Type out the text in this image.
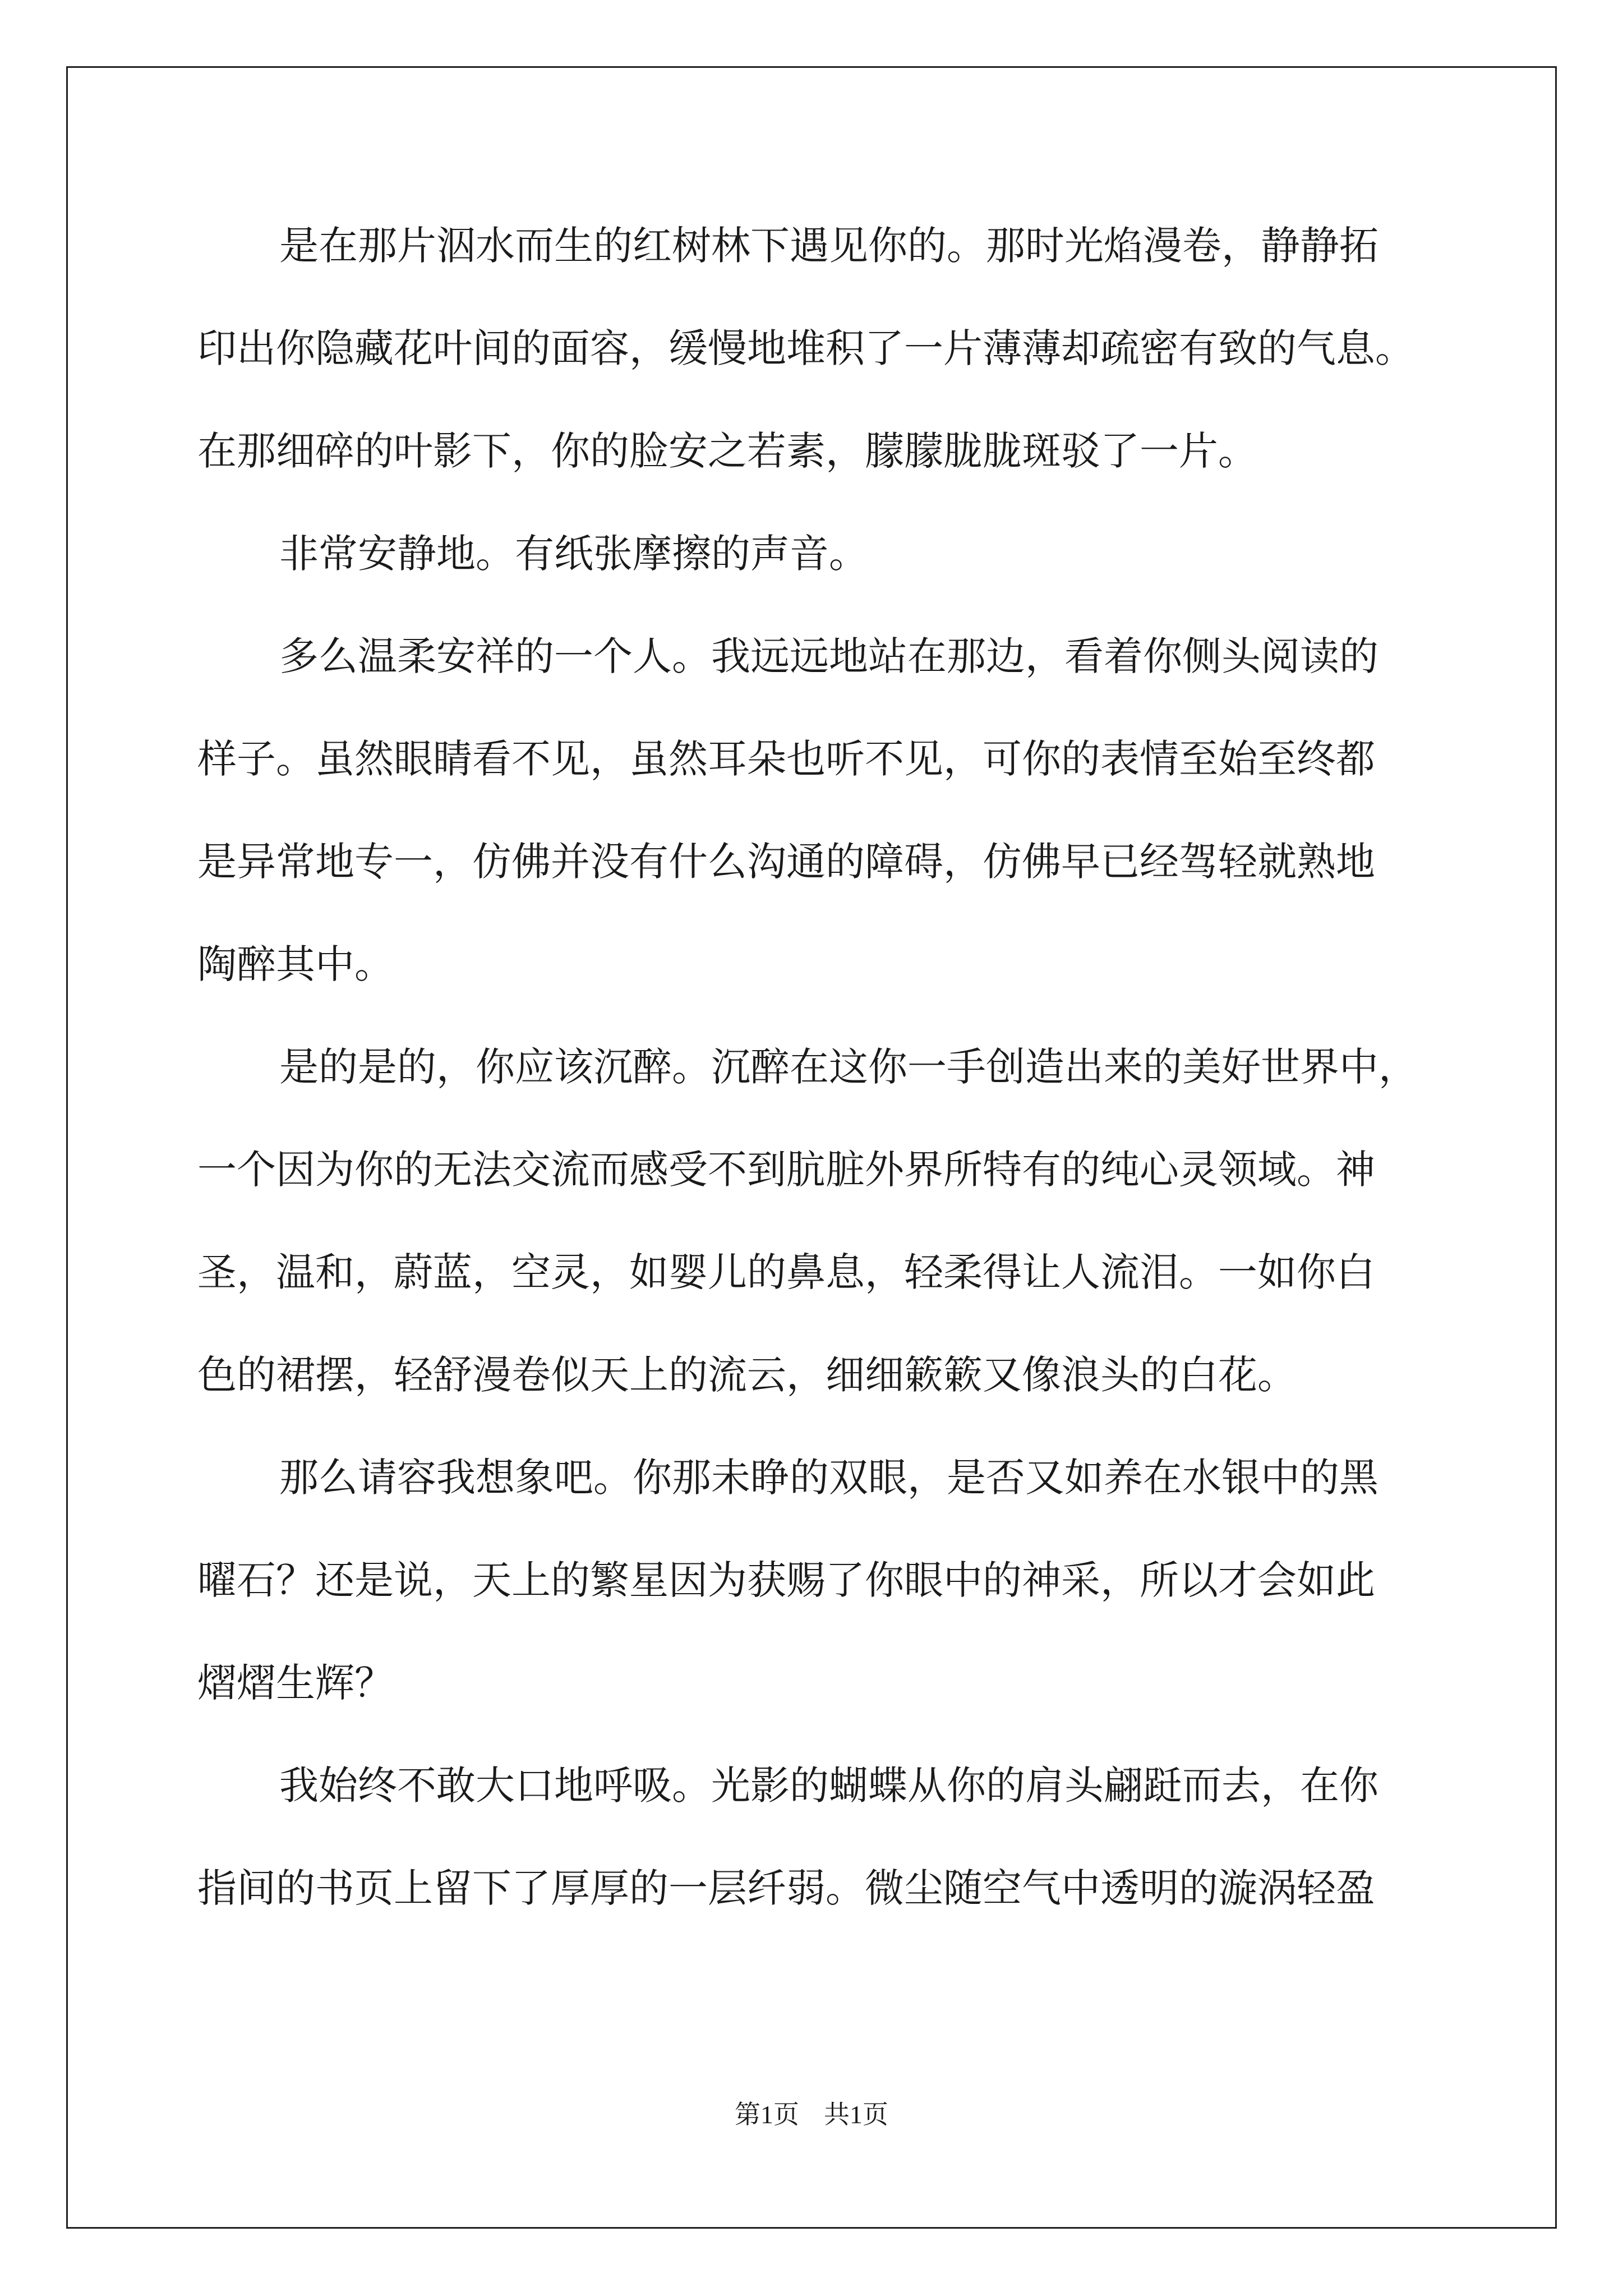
是在那片泅水而生的红树林下遇见你的。那时光焰漫卷，静静拓
印出你隐藏花叶间的面容，缓慢地堆积了一片薄薄却疏密有致的气息。
在那细碎的叶影下，你的脸安之若素，朦朦胧胧斑驳了一片。
非常安静地。有纸张摩擦的声音。
多么温柔安祥的一个人。我远远地站在那边，看着你侧头阅读的
样子。虽然眼睛看不见，虽然耳朵也听不见，可你的表情至始至终都
是异常地专一，仿佛并没有什么沟通的障碍，仿佛早已经驾轻就熟地
陶醉其中。
是的是的，你应该沉醉。沉醉在这你一手创造出来的美好世界中，
一个因为你的无法交流而感受不到肮脏外界所特有的纯心灵领域。神
圣，温和，蔚蓝，空灵，如婴儿的鼻息，轻柔得让人流泪。一如你白
色的裙摆，轻舒漫卷似天上的流云，细细簌簌又像浪头的白花。
那么请容我想象吧。你那未睁的双眼，是否又如养在水银中的黑
曜石？还是说，天上的繁星因为获赐了你眼中的神采，所以才会如此
熠熠生辉？
我始终不敢大口地呼吸。光影的蝴蝶从你的肩头翩跹而去，在你
指间的书页上留下了厚厚的一层纤弱。微尘随空气中透明的漩涡轻盈
第1页 共1页
